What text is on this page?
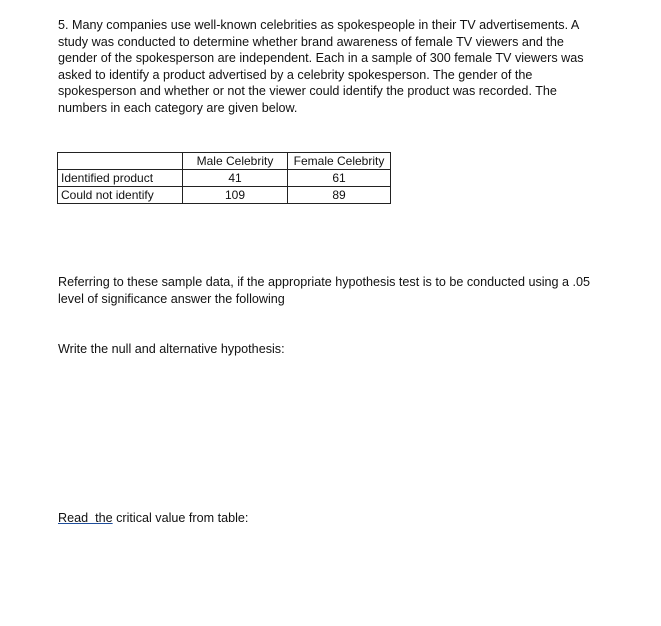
5. Many companies use well-known celebrities as spokespeople in their TV advertisements. A study was conducted to determine whether brand awareness of female TV viewers and the gender of the spokesperson are independent. Each in a sample of 300 female TV viewers was asked to identify a product advertised by a celebrity spokesperson. The gender of the spokesperson and whether or not the viewer could identify the product was recorded. The numbers in each category are given below.

	Male Celebrity	Female Celebrity
Identified product	41	61
Could not identify	109	89

Referring to these sample data, if the appropriate hypothesis test is to be conducted using a .05 level of significance answer the following

Write the null and alternative hypothesis:

Read  the critical value from table:
